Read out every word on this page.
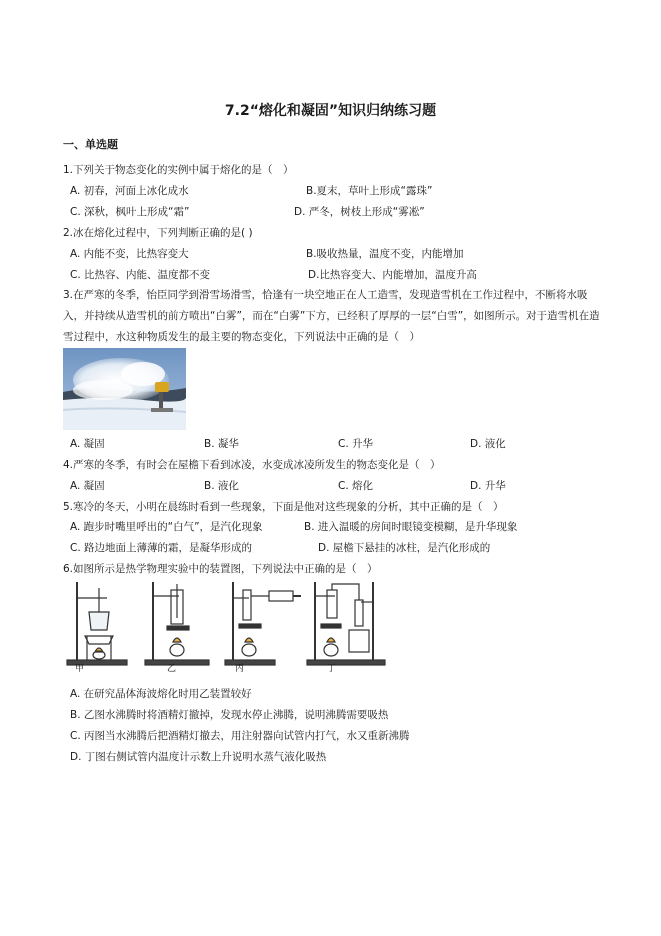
7.2“熔化和凝固”知识归纳练习题
一、单选题
1.下列关于物态变化的实例中属于熔化的是（　）
A. 初春，河面上冰化成水	B.夏末，草叶上形成“露珠”
C. 深秋，枫叶上形成“霜”	D. 严冬，树枝上形成“雾凇”
2.冰在熔化过程中，下列判断正确的是( )
A. 内能不变，比热容变大	B.吸收热量，温度不变，内能增加
C. 比热容、内能、温度都不变	D.比热容变大、内能增加，温度升高
3.在严寒的冬季，怡臣同学到滑雪场滑雪，恰逢有一块空地正在人工造雪，发现造雪机在工作过程中，不断将水吸入，并持续从造雪机的前方喷出“白雾”，而在“白雾”下方，已经积了厚厚的一层“白雪”，如图所示。对于造雪机在造雪过程中，水这种物质发生的最主要的物态变化，下列说法中正确的是（　）
A. 凝固	B. 凝华	C. 升华	D. 液化
4.严寒的冬季，有时会在屋檐下看到冰凌，水变成冰凌所发生的物态变化是（　）
A. 凝固	B. 液化	C. 熔化	D. 升华
5.寒冷的冬天，小明在晨练时看到一些现象，下面是他对这些现象的分析，其中正确的是（　）
A. 跑步时嘴里呼出的“白气”，是汽化现象	B. 进入温暖的房间时眼镜变模糊，是升华现象
C. 路边地面上薄薄的霜，是凝华形成的	D. 屋檐下悬挂的冰柱，是汽化形成的
6.如图所示是热学物理实验中的装置图，下列说法中正确的是（　）
甲	乙	丙	丁
A. 在研究晶体海波熔化时用乙装置较好
B. 乙图水沸腾时将酒精灯撤掉，发现水停止沸腾，说明沸腾需要吸热
C. 丙图当水沸腾后把酒精灯撤去，用注射器向试管内打气，水又重新沸腾
D. 丁图右侧试管内温度计示数上升说明水蒸气液化吸热
